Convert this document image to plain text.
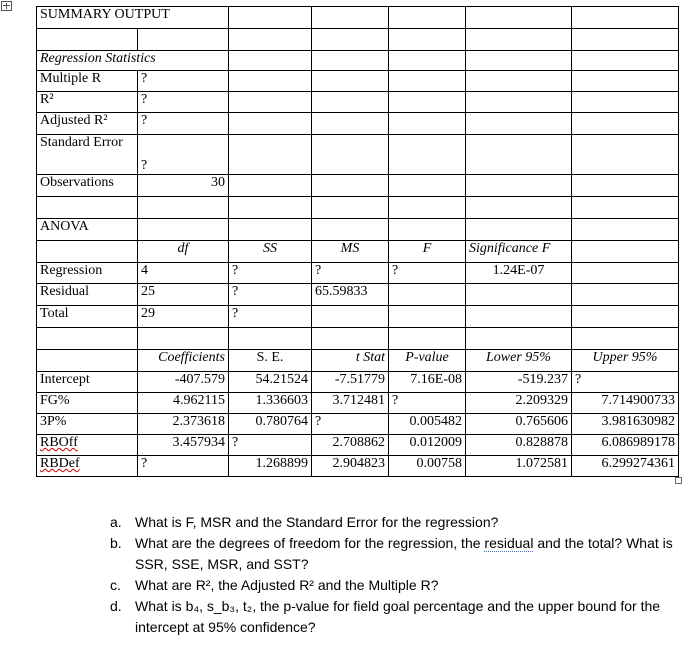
SUMMARY OUTPUT						

Regression Statistics						
Multiple R	?					
R²	?					
Adjusted R²	?					
Standard Error	?					
Observations	30					

ANOVA						
	df	SS	MS	F	Significance F	
Regression	4	?	?	?	1.24E-07	
Residual	25	?	65.59833			
Total	29	?				

	Coefficients	S. E.	t Stat	P-value	Lower 95%	Upper 95%
Intercept	-407.579	54.21524	-7.51779	7.16E-08	-519.237	?
FG%	4.962115	1.336603	3.712481	?	2.209329	7.714900733
3P%	2.373618	0.780764	?	0.005482	0.765606	3.981630982
RBOff	3.457934	?	2.708862	0.012009	0.828878	6.086989178
RBDef	?	1.268899	2.904823	0.00758	1.072581	6.299274361
a. What is F, MSR and the Standard Error for the regression?
b. What are the degrees of freedom for the regression, the residual and the total? What is SSR, SSE, MSR, and SST?
c. What are R², the Adjusted R² and the Multiple R?
d. What is b₄, s_b₃, t₂, the p-value for field goal percentage and the upper bound for the intercept at 95% confidence?
